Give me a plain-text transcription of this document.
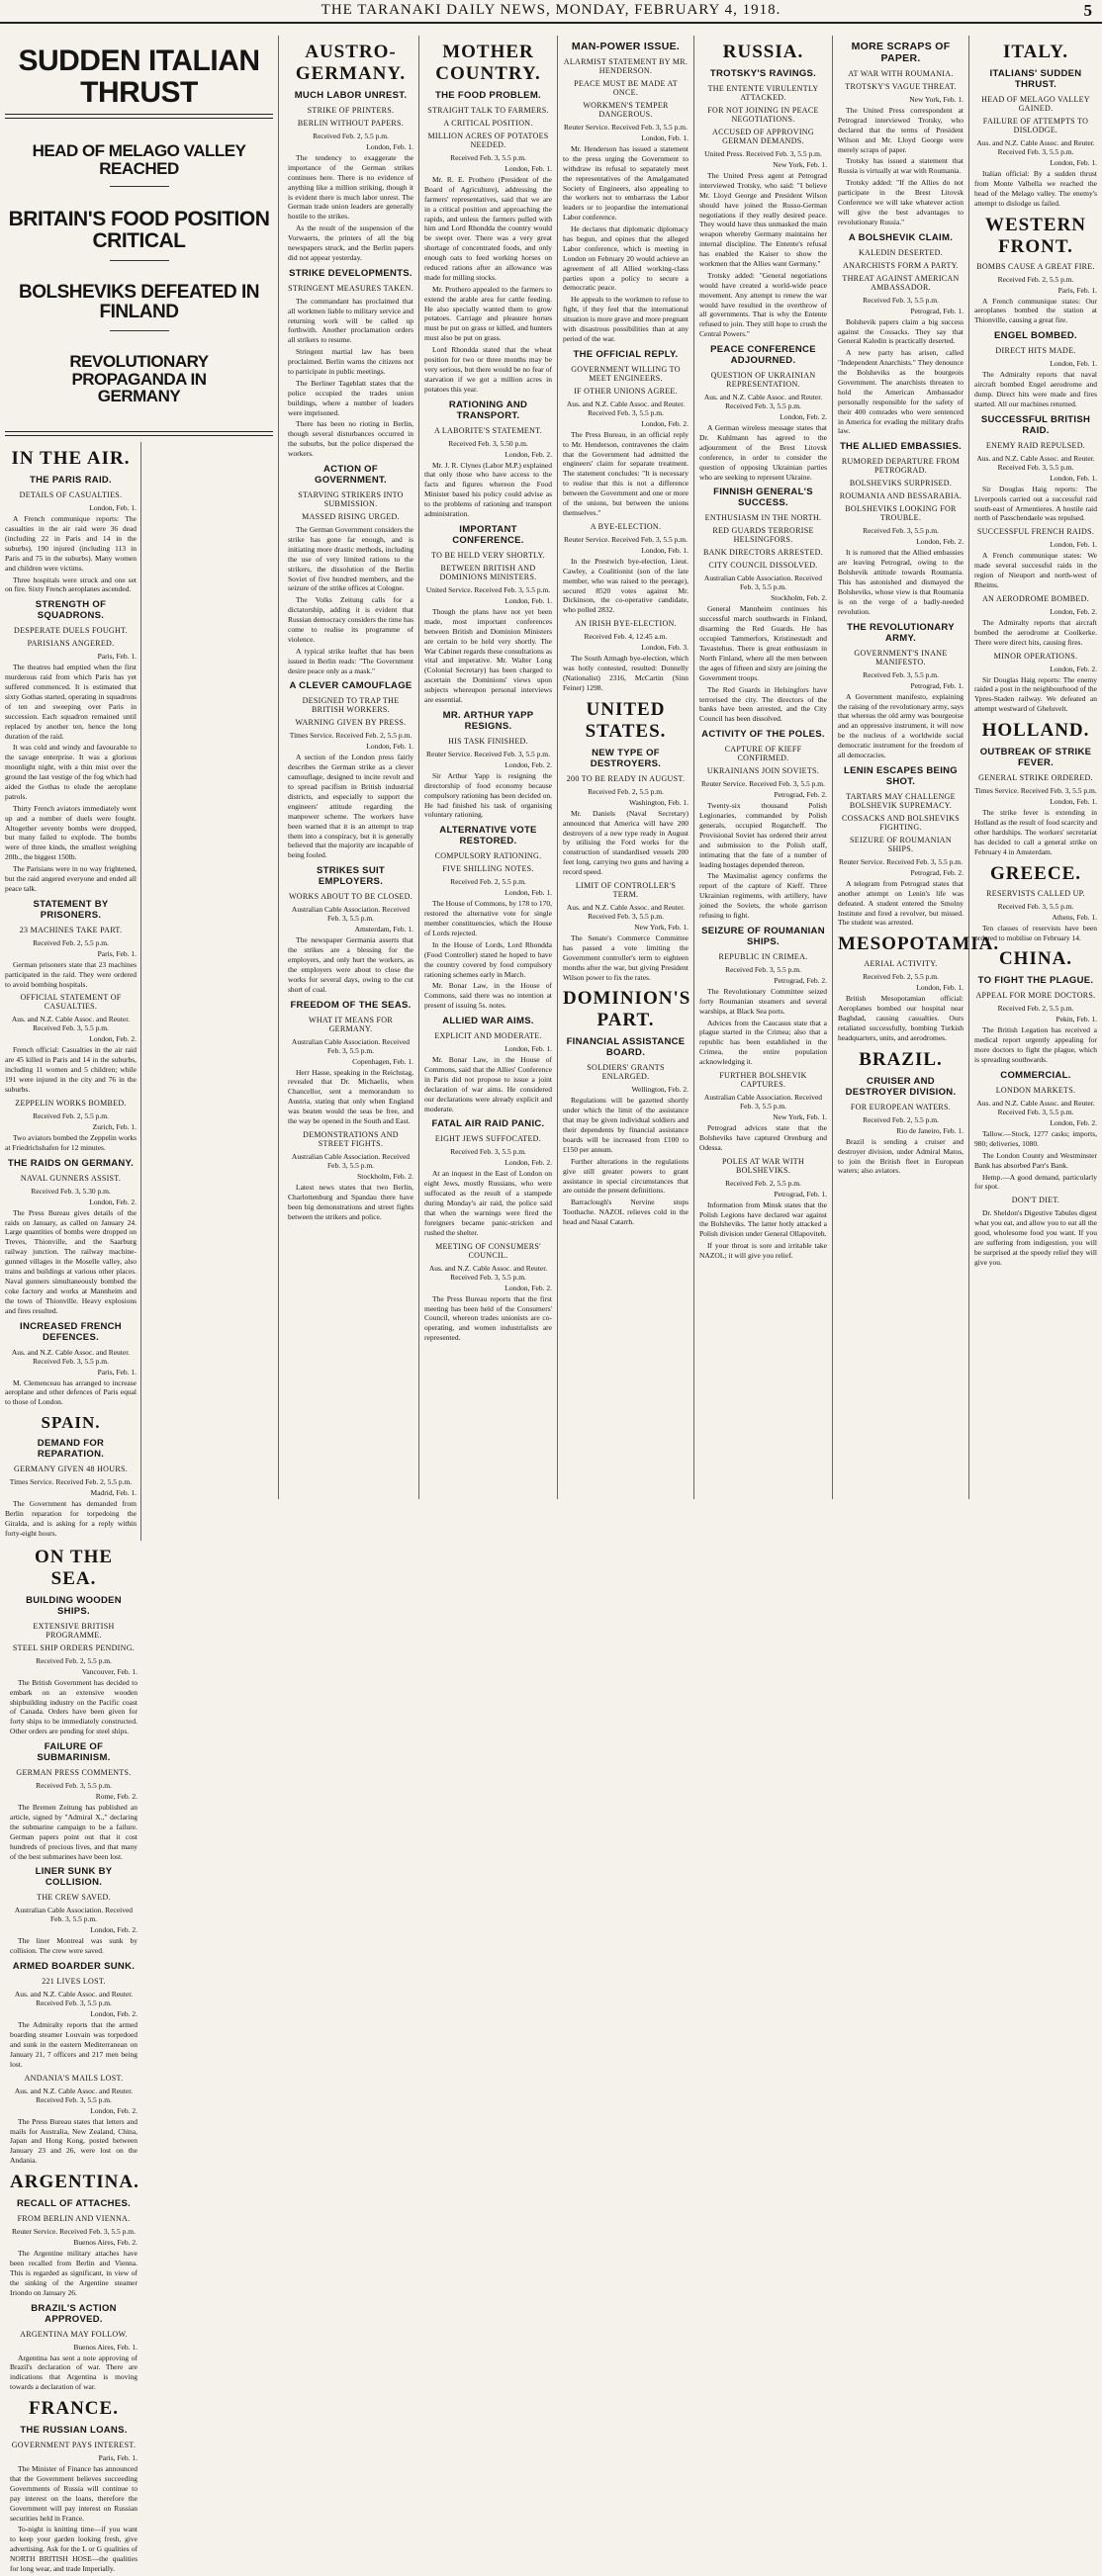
THE TARANAKI DAILY NEWS, MONDAY, FEBRUARY 4, 1918.	5
SUDDEN ITALIAN THRUST
HEAD OF MELAGO VALLEY REACHED
BRITAIN'S FOOD POSITION CRITICAL
BOLSHEVIKS DEFEATED IN FINLAND
REVOLUTIONARY PROPAGANDA IN GERMANY
IN THE AIR.
THE PARIS RAID.
DETAILS OF CASUALTIES.
London, Feb. 1.

A French communique reports: The casualties in the air raid were 36 dead (including 22 in Paris and 14 in the suburbs), 190 injured (including 113 in Paris and 75 in the suburbs). Many women and children were victims.

Three hospitals were struck and one set on fire. Sixty French aeroplanes ascended.

STRENGTH OF SQUADRONS.
DESPERATE DUELS FOUGHT.
PARISIANS ANGERED.
Paris, Feb. 1.

The theatres had emptied when the first murderous raid from which Paris has yet suffered commenced. It is estimated that sixty Gothas started, operating in squadrons of ten and sweeping over Paris in succession. Each squadron remained until replaced by another ten, hence the long duration of the raid.

It was cold and windy and favourable to the savage enterprise. It was a glorious moonlight night, with a thin mist over the ground the last vestige of the fog which had aided the Gothas to elude the aeroplane patrols.

Thirty French aviators immediately went up and a number of duels were fought. Altogether seventy bombs were dropped, but many failed to explode. The bombs were of three kinds, the smallest weighing 20lb., the biggest 150lb.

The Parisians were in no way frightened, but the raid angered everyone and ended all peace talk.

STATEMENT BY PRISONERS.
23 MACHINES TAKE PART.
Received Feb. 2, 5.5 p.m.
Paris, Feb. 1.

German prisoners state that 23 machines participated in the raid. They were ordered to avoid bombing hospitals.

OFFICIAL STATEMENT OF CASUALTIES.
Aus. and N.Z. Cable Assoc. and Reuter. Received Feb. 3, 5.5 p.m.
London, Feb. 2.

French official: Casualties in the air raid are 45 killed in Paris and 14 in the suburbs, including 11 women and 5 children; while 191 were injured in the city and 76 in the suburbs.

ZEPPELIN WORKS BOMBED.
Received Feb. 2, 5.5 p.m.
Zurich, Feb. 1.

Two aviators bombed the Zeppelin works at Friedrichshafen for 12 minutes.

THE RAIDS ON GERMANY.
NAVAL GUNNERS ASSIST.
Received Feb. 3, 5.30 p.m.
London, Feb. 2.

The Press Bureau gives details of the raids on January, as called on January 24. Large quantities of bombs were dropped on Treves, Thionville, and the Saarburg railway junction. The railway machine-gunned villages in the Moselle valley, also trains and buildings at various other places. Naval gunners simultaneously bombed the coke factory and works at Mannheim and the town of Thionville. Heavy explosions and fires resulted.

INCREASED FRENCH DEFENCES.
Aus. and N.Z. Cable Assoc. and Reuter. Received Feb. 3, 5.5 p.m.
Paris, Feb. 1.

M. Clemenceau has arranged to increase aeroplane and other defences of Paris equal to those of London.

SPAIN.
DEMAND FOR REPARATION.
GERMANY GIVEN 48 HOURS.
Times Service. Received Feb. 2, 5.5 p.m.
Madrid, Feb. 1.

The Government has demanded from Berlin reparation for torpedoing the Giralda, and is asking for a reply within forty-eight hours.

ON THE SEA.
BUILDING WOODEN SHIPS.
EXTENSIVE BRITISH PROGRAMME.
STEEL SHIP ORDERS PENDING.
Received Feb. 2, 5.5 p.m.
Vancouver, Feb. 1.

The British Government has decided to embark on an extensive wooden shipbuilding industry on the Pacific coast of Canada. Orders have been given for forty ships to be immediately constructed. Other orders are pending for steel ships.

FAILURE OF SUBMARINISM.
GERMAN PRESS COMMENTS.
Received Feb. 3, 5.5 p.m.
Rome, Feb. 2.

The Bremen Zeitung has published an article, signed by "Admiral X.," declaring the submarine campaign to be a failure. German papers point out that it cost hundreds of precious lives, and that many of the best submarines have been lost.

LINER SUNK BY COLLISION.
THE CREW SAVED.
Australian Cable Association. Received Feb. 3, 5.5 p.m.
London, Feb. 2.

The liner Montreal was sunk by collision. The crew were saved.

ARMED BOARDER SUNK.
221 LIVES LOST.
Aus. and N.Z. Cable Assoc. and Reuter. Received Feb. 3, 5.5 p.m.
London, Feb. 2.

The Admiralty reports that the armed boarding steamer Louvain was torpedoed and sunk in the eastern Mediterranean on January 21, 7 officers and 217 men being lost.

ANDANIA'S MAILS LOST.
Aus. and N.Z. Cable Assoc. and Reuter. Received Feb. 3, 5.5 p.m.
London, Feb. 2.

The Press Bureau states that letters and mails for Australia, New Zealand, China, Japan and Hong Kong, posted between January 23 and 26, were lost on the Andania.

ARGENTINA.
RECALL OF ATTACHES.
FROM BERLIN AND VIENNA.
Reuter Service. Received Feb. 3, 5.5 p.m.
Buenos Aires, Feb. 2.

The Argentine military attaches have been recalled from Berlin and Vienna. This is regarded as significant, in view of the sinking of the Argentine steamer Iriondo on January 26.

BRAZIL'S ACTION APPROVED.
ARGENTINA MAY FOLLOW.
Buenos Aires, Feb. 1.

Argentina has sent a note approving of Brazil's declaration of war. There are indications that Argentina is moving towards a declaration of war.

FRANCE.
THE RUSSIAN LOANS.
GOVERNMENT PAYS INTEREST.
Paris, Feb. 1.

The Minister of Finance has announced that the Government believes succeeding Governments of Russia will continue to pay interest on the loans, therefore the Government will pay interest on Russian securities held in France.

To-night is knitting time—if you want to keep your garden looking fresh, give advertising. Ask for the L or G qualities of NORTH BRITISH HOSE—the qualities for long wear, and trade Imperially.

AUSTRO-GERMANY.
MUCH LABOR UNREST.
STRIKE OF PRINTERS.
BERLIN WITHOUT PAPERS.
Received Feb. 2, 5.5 p.m.
London, Feb. 1.

The tendency to exaggerate the importance of the German strikes continues here. There is no evidence of anything like a million striking, though it is evident there is much labor unrest. The German trade union leaders are generally hostile to the strikes.

As the result of the suspension of the Vorwaerts, the printers of all the big newspapers struck, and the Berlin papers did not appear yesterday.

STRIKE DEVELOPMENTS.
STRINGENT MEASURES TAKEN.

The commandant has proclaimed that all workmen liable to military service and returning work will be called up forthwith. Another proclamation orders all strikers to resume.

Stringent martial law has been proclaimed. Berlin warns the citizens not to participate in public meetings.

The Berliner Tageblatt states that the police occupied the trades union buildings, where a number of leaders were imprisoned.

There has been no rioting in Berlin, though several disturbances occurred in the suburbs, but the police dispersed the workers.

ACTION OF GOVERNMENT.
STARVING STRIKERS INTO SUBMISSION.
MASSED RISING URGED.

The German Government considers the strike has gone far enough, and is initiating more drastic methods, including the use of very limited rations to the strikers, the dissolution of the Berlin Soviet of five hundred members, and the seizure of the strike offices at Cologne.

The Volks Zeitung calls for a dictatorship, adding it is evident that Russian democracy considers the time has come to realise its programme of violence.

A typical strike leaflet that has been issued in Berlin reads: "The Government desire peace only as a mask."

A CLEVER CAMOUFLAGE
DESIGNED TO TRAP THE BRITISH WORKERS.
WARNING GIVEN BY PRESS.
Times Service. Received Feb. 2, 5.5 p.m.
London, Feb. 1.

A section of the London press fairly describes the German strike as a clever camouflage, designed to incite revolt and to spread pacifism in British industrial districts, and especially to support the engineers' attitude regarding the manpower scheme. The workers have been warned that it is an attempt to trap them into a conspiracy, but it is generally believed that the majority are incapable of being fooled.

STRIKES SUIT EMPLOYERS.
WORKS ABOUT TO BE CLOSED.
Australian Cable Association. Received Feb. 3, 5.5 p.m.
Amsterdam, Feb. 1.

The newspaper Germania asserts that the strikes are a blessing for the employers, and only hurt the workers, as the employers were about to close the works for several days, owing to the cut short of coal.

FREEDOM OF THE SEAS.
WHAT IT MEANS FOR GERMANY.
Australian Cable Association. Received Feb. 3, 5.5 p.m.
Copenhagen, Feb. 1.

Herr Hasse, speaking in the Reichstag, revealed that Dr. Michaelis, when Chancellor, sent a memorandum to Austria, stating that only when England was beaten would the seas be free, and the way be opened in the South and East.

DEMONSTRATIONS AND STREET FIGHTS.
Australian Cable Association. Received Feb. 3, 5.5 p.m.
Stockholm, Feb. 2.

Latest news states that two Berlin, Charlottenburg and Spandau there have been big demonstrations and street fights between the strikers and police.

MOTHER COUNTRY.
THE FOOD PROBLEM.
STRAIGHT TALK TO FARMERS.
A CRITICAL POSITION.
MILLION ACRES OF POTATOES NEEDED.
Received Feb. 3, 5.5 p.m.
London, Feb. 1.

Mr. R. E. Prothero (President of the Board of Agriculture), addressing the farmers' representatives, said that we are in a critical position and approaching the rapids, and unless the farmers pulled with him and Lord Rhondda the country would be swept over. There was a very great shortage of concentrated foods, and only enough oats to feed working horses on reduced rations after an allowance was made for milling stocks.

Mr. Prothero appealed to the farmers to extend the arable area for cattle feeding. He also specially wanted them to grow potatoes. Carriage and pleasure horses must be put on grass or killed, and hunters must also be put on grass.

Lord Rhondda stated that the wheat position for two or three months may be very serious, but there would be no fear of starvation if we got a million acres in potatoes this year.

RATIONING AND TRANSPORT.
A LABORITE'S STATEMENT.
Received Feb. 3, 5.50 p.m.
London, Feb. 2.

Mr. J. R. Clynes (Labor M.P.) explained that only those who have access to the facts and figures whereon the Food Minister based his policy could advise as to the problems of rationing and transport administration.

IMPORTANT CONFERENCE.
TO BE HELD VERY SHORTLY.
BETWEEN BRITISH AND DOMINIONS MINISTERS.
United Service. Received Feb. 3, 5.5 p.m.
London, Feb. 1.

Though the plans have not yet been made, most important conferences between British and Dominion Ministers are certain to be held very shortly. The War Cabinet regards these consultations as vital and imperative. Mr. Walter Long (Colonial Secretary) has been charged to ascertain the Dominions' views upon subjects whereupon personal interviews are essential.

MR. ARTHUR YAPP RESIGNS.
HIS TASK FINISHED.
Reuter Service. Received Feb. 3, 5.5 p.m.
London, Feb. 2.

Sir Arthur Yapp is resigning the directorship of food economy because compulsory rationing has been decided on. He had finished his task of organising voluntary rationing.

ALTERNATIVE VOTE RESTORED.
COMPULSORY RATIONING.
FIVE SHILLING NOTES.
Received Feb. 2, 5.5 p.m.
London, Feb. 1.

The House of Commons, by 178 to 170, restored the alternative vote for single member constituencies, which the House of Lords rejected.

In the House of Lords, Lord Rhondda (Food Controller) stated he hoped to have the country covered by food compulsory rationing schemes early in March.

Mr. Bonar Law, in the House of Commons, said there was no intention at present of issuing 5s. notes.

ALLIED WAR AIMS.
EXPLICIT AND MODERATE.
London, Feb. 1.

Mr. Bonar Law, in the House of Commons, said that the Allies' Conference in Paris did not propose to issue a joint declaration of war aims. He considered our declarations were already explicit and moderate.

FATAL AIR RAID PANIC.
EIGHT JEWS SUFFOCATED.
Received Feb. 3, 5.5 p.m.
London, Feb. 2.

At an inquest in the East of London on eight Jews, mostly Russians, who were suffocated as the result of a stampede during Monday's air raid, the police said that when the warnings were fired the foreigners became panic-stricken and rushed the shelter.

MEETING OF CONSUMERS' COUNCIL.
Aus. and N.Z. Cable Assoc. and Reuter. Received Feb. 3, 5.5 p.m.
London, Feb. 2.

The Press Bureau reports that the first meeting has been held of the Consumers' Council, whereon trades unionists are co-operating, and women industrialists are represented.

MAN-POWER ISSUE.
ALARMIST STATEMENT BY MR. HENDERSON.
PEACE MUST BE MADE AT ONCE.
WORKMEN'S TEMPER DANGEROUS.
Reuter Service. Received Feb. 3, 5.5 p.m.
London, Feb. 1.

Mr. Henderson has issued a statement to the press urging the Government to withdraw its refusal to separately meet the representatives of the Amalgamated Society of Engineers, also appealing to the workers not to embarrass the Labor leaders or to jeopardise the international Labor conference.

He declares that diplomatic diplomacy has begun, and opines that the alleged Labor conference, which is meeting in London on February 20 would achieve an agreement of all Allied working-class parties upon a policy to secure a democratic peace.

He appeals to the workmen to refuse to fight, if they feel that the international situation is more grave and more pregnant with disastrous possibilities than at any period of the war.

THE OFFICIAL REPLY.
GOVERNMENT WILLING TO MEET ENGINEERS.
IF OTHER UNIONS AGREE.
Aus. and N.Z. Cable Assoc. and Reuter. Received Feb. 3, 5.5 p.m.
London, Feb. 2.

The Press Bureau, in an official reply to Mr. Henderson, contravenes the claim that the Government had admitted the engineers' claim for separate treatment. The statement concludes: "It is necessary to realise that this is not a difference between the Government and one or more of the unions, but between the unions themselves."

A BYE-ELECTION.
Reuter Service. Received Feb. 3, 5.5 p.m.
London, Feb. 1.

In the Prestwich bye-election, Lieut. Cawley, a Coalitionist (son of the late member, who was raised to the peerage), secured 8520 votes against Mr. Dickinson, the co-operative candidate, who polled 2832.

AN IRISH BYE-ELECTION.
Received Feb. 4, 12.45 a.m.
London, Feb. 3.

The South Armagh bye-election, which was hotly contested, resulted: Donnelly (Nationalist) 2316, McCartin (Sinn Feiner) 1298.

UNITED STATES.
NEW TYPE OF DESTROYERS.
200 TO BE READY IN AUGUST.
Received Feb. 2, 5.5 p.m.
Washington, Feb. 1.

Mr. Daniels (Naval Secretary) announced that America will have 200 destroyers of a new type ready in August by utilising the Ford works for the construction of standardised vessels 200 feet long, carrying two guns and having a record speed.

LIMIT OF CONTROLLER'S TERM.
Aus. and N.Z. Cable Assoc. and Reuter. Received Feb. 3, 5.5 p.m.
New York, Feb. 1.

The Senate's Commerce Committee has passed a vote limiting the Government controller's term to eighteen months after the war, but giving President Wilson power to fix the rates.

DOMINION'S PART.
FINANCIAL ASSISTANCE BOARD.
SOLDIERS' GRANTS ENLARGED.
Wellington, Feb. 2.

Regulations will be gazetted shortly under which the limit of the assistance that may be given individual soldiers and their dependents by financial assistance boards will be increased from £100 to £150 per annum.

Further alterations in the regulations give still greater powers to grant assistance in special circumstances that are outside the present definitions.

Barraclough's Nervine stops Toothache. NAZOL relieves cold in the head and Nasal Catarrh.

RUSSIA.
TROTSKY'S RAVINGS.
THE ENTENTE VIRULENTLY ATTACKED.
FOR NOT JOINING IN PEACE NEGOTIATIONS.
ACCUSED OF APPROVING GERMAN DEMANDS.
United Press. Received Feb. 3, 5.5 p.m.
New York, Feb. 1.

The United Press agent at Petrograd interviewed Trotsky, who said: "I believe Mr. Lloyd George and President Wilson should have joined the Russo-German negotiations if they really desired peace. They would have thus unmasked the main weapon whereby Germany maintains her internal discipline. The Entente's refusal has enabled the Kaiser to show the workmen that the Allies want Germany."

Trotsky added: "General negotiations would have created a world-wide peace movement. Any attempt to renew the war would have resulted in the overthrow of all governments. That is why the Entente refused to join. They still hope to crush the Central Powers."

PEACE CONFERENCE ADJOURNED.
QUESTION OF UKRAINIAN REPRESENTATION.
Aus. and N.Z. Cable Assoc. and Reuter. Received Feb. 3, 5.5 p.m.
London, Feb. 2.

A German wireless message states that Dr. Kuhlmann has agreed to the adjournment of the Brest Litovsk conference, in order to consider the question of opposing Ukrainian parties who are seeking to represent Ukraine.

FINNISH GENERAL'S SUCCESS.
ENTHUSIASM IN THE NORTH.
RED GUARDS TERRORISE HELSINGFORS.
BANK DIRECTORS ARRESTED.
CITY COUNCIL DISSOLVED.
Australian Cable Association. Received Feb. 3, 5.5 p.m.
Stockholm, Feb. 2.

General Mannheim continues his successful march southwards in Finland, disarming the Red Guards. He has occupied Tammerfors, Kristinestadt and Tavastehus. There is great enthusiasm in North Finland, where all the men between the ages of fifteen and sixty are joining the Government troops.

The Red Guards in Helsingfors have terrorised the city. The directors of the banks have been arrested, and the City Council has been dissolved.

ACTIVITY OF THE POLES.
CAPTURE OF KIEFF CONFIRMED.
UKRAINIANS JOIN SOVIETS.
Reuter Service. Received Feb. 3, 5.5 p.m.
Petrograd, Feb. 2.

Twenty-six thousand Polish Legionaries, commanded by Polish generals, occupied Rogatcheff. The Provisional Soviet has ordered their arrest and submission to the Polish staff, intimating that the fate of a number of leading hostages depended thereon.

The Maximalist agency confirms the report of the capture of Kieff. Three Ukrainian regiments, with artillery, have joined the Soviets, the whole garrison refusing to fight.

SEIZURE OF ROUMANIAN SHIPS.
REPUBLIC IN CRIMEA.
Received Feb. 3, 5.5 p.m.
Petrograd, Feb. 2.

The Revolutionary Committee seized forty Roumanian steamers and several warships, at Black Sea ports.

Advices from the Caucasus state that a plague started in the Crimea; also that a republic has been established in the Crimea, the entire population acknowledging it.

FURTHER BOLSHEVIK CAPTURES.
Australian Cable Association. Received Feb. 3, 5.5 p.m.
New York, Feb. 1.

Petrograd advices state that the Bolsheviks have captured Orenburg and Odessa.

POLES AT WAR WITH BOLSHEVIKS.
Received Feb. 2, 5.5 p.m.
Petrograd, Feb. 1.

Information from Minsk states that the Polish Legions have declared war against the Bolsheviks. The latter hotly attacked a Polish division under General Ollapoviteh.

If your throat is sore and irritable take NAZOL; it will give you relief.

MORE SCRAPS OF PAPER.
AT WAR WITH ROUMANIA.
TROTSKY'S VAGUE THREAT.
New York, Feb. 1.

The United Press correspondent at Petrograd interviewed Trotsky, who declared that the terms of President Wilson and Mr. Lloyd George were merely scraps of paper.

Trotsky has issued a statement that Russia is virtually at war with Roumania.

Trotsky added: "If the Allies do not participate in the Brest Litovsk Conference we will take whatever action will give the best advantages to revolutionary Russia."

A BOLSHEVIK CLAIM.
KALEDIN DESERTED.
ANARCHISTS FORM A PARTY.
THREAT AGAINST AMERICAN AMBASSADOR.
Received Feb. 3, 5.5 p.m.
Petrograd, Feb. 1.

Bolshevik papers claim a big success against the Cossacks. They say that General Kaledin is practically deserted.

A new party has arisen, called "Independent Anarchists." They denounce the Bolsheviks as the bourgeois Government. The anarchists threaten to hold the American Ambassador personally responsible for the safety of their 400 comrades who were sentenced in America for evading the military drafts law.

THE ALLIED EMBASSIES.
RUMORED DEPARTURE FROM PETROGRAD.
BOLSHEVIKS SURPRISED.
ROUMANIA AND BESSARABIA.
BOLSHEVIKS LOOKING FOR TROUBLE.
Received Feb. 3, 5.5 p.m.
London, Feb. 2.

It is rumored that the Allied embassies are leaving Petrograd, owing to the Bolshevik attitude towards Roumania. This has astonished and dismayed the Bolsheviks, whose view is that Roumania is on the verge of a badly-needed revolution.

THE REVOLUTIONARY ARMY.
GOVERNMENT'S INANE MANIFESTO.
Received Feb. 3, 5.5 p.m.
Petrograd, Feb. 1.

A Government manifesto, explaining the raising of the revolutionary army, says that whereas the old army was bourgeoise and an oppressive instrument, it will now be the nucleus of a worldwide social democratic instrument for the freedom of all democracies.

LENIN ESCAPES BEING SHOT.
TARTARS MAY CHALLENGE BOLSHEVIK SUPREMACY.
COSSACKS AND BOLSHEVIKS FIGHTING.
SEIZURE OF ROUMANIAN SHIPS.
Reuter Service. Received Feb. 3, 5.5 p.m.
Petrograd, Feb. 2.

A telegram from Petrograd states that another attempt on Lenin's life was defeated. A student entered the Smolny Institute and fired a revolver, but missed. The student was arrested.

MESOPOTAMIA.
AERIAL ACTIVITY.
Received Feb. 2, 5.5 p.m.
London, Feb. 1.

British Mesopotamian official: Aeroplanes bombed our hospital near Baghdad, causing casualties. Ours retaliated successfully, bombing Turkish headquarters, units, and aerodromes.

BRAZIL.
CRUISER AND DESTROYER DIVISION.
FOR EUROPEAN WATERS.
Received Feb. 2, 5.5 p.m.
Rio de Janeiro, Feb. 1.

Brazil is sending a cruiser and destroyer division, under Admiral Matos, to join the British fleet in European waters; also aviators.

ITALY.
ITALIANS' SUDDEN THRUST.
HEAD OF MELAGO VALLEY GAINED.
FAILURE OF ATTEMPTS TO DISLODGE.
Aus. and N.Z. Cable Assoc. and Reuter. Received Feb. 3, 5.5 p.m.
London, Feb. 1.

Italian official: By a sudden thrust from Monte Valbella we reached the head of the Melago valley. The enemy's attempt to dislodge us failed.

WESTERN FRONT.
BOMBS CAUSE A GREAT FIRE.
Received Feb. 2, 5.5 p.m.
Paris, Feb. 1.

A French communique states: Our aeroplanes bombed the station at Thionville, causing a great fire.

ENGEL BOMBED.
DIRECT HITS MADE.
London, Feb. 1.

The Admiralty reports that naval aircraft bombed Engel aerodrome and dump. Direct hits were made and fires started. All our machines returned.

SUCCESSFUL BRITISH RAID.
ENEMY RAID REPULSED.
Aus. and N.Z. Cable Assoc. and Reuter. Received Feb. 3, 5.5 p.m.
London, Feb. 1.

Sir Douglas Haig reports: The Liverpools carried out a successful raid south-east of Armentieres. A hostile raid north of Passchendaele was repulsed.

SUCCESSFUL FRENCH RAIDS.
London, Feb. 1.

A French communique states: We made several successful raids in the region of Nieuport and north-west of Rheims.

AN AERODROME BOMBED.
London, Feb. 2.

The Admiralty reports that aircraft bombed the aerodrome at Coolkerke. There were direct hits, causing fires.

MINOR OPERATIONS.
London, Feb. 2.

Sir Douglas Haig reports: The enemy raided a post in the neighbourhood of the Ypres-Staden railway. We defeated an attempt westward of Gheluvelt.

HOLLAND.
OUTBREAK OF STRIKE FEVER.
GENERAL STRIKE ORDERED.
Times Service. Received Feb. 3, 5.5 p.m.
London, Feb. 1.

The strike fever is extending in Holland as the result of food scarcity and other hardships. The workers' secretariat has decided to call a general strike on February 4 in Amsterdam.

GREECE.
RESERVISTS CALLED UP.
Received Feb. 3, 5.5 p.m.
Athens, Feb. 1.

Ten classes of reservists have been ordered to mobilise on February 14.

CHINA.
TO FIGHT THE PLAGUE.
APPEAL FOR MORE DOCTORS.
Received Feb. 2, 5.5 p.m.
Pekin, Feb. 1.

The British Legation has received a medical report urgently appealing for more doctors to fight the plague, which is spreading southwards.

COMMERCIAL.
LONDON MARKETS.
Aus. and N.Z. Cable Assoc. and Reuter. Received Feb. 3, 5.5 p.m.
London, Feb. 2.

Tallow.—Stock, 1277 casks; imports, 980; deliveries, 1080.

The London County and Westminster Bank has absorbed Parr's Bank.

Hemp.—A good demand, particularly for spot.

DON'T DIET.

Dr. Sheldon's Digestive Tabules digest what you eat, and allow you to eat all the good, wholesome food you want. If you are suffering from indigestion, you will be surprised at the speedy relief they will give you.
